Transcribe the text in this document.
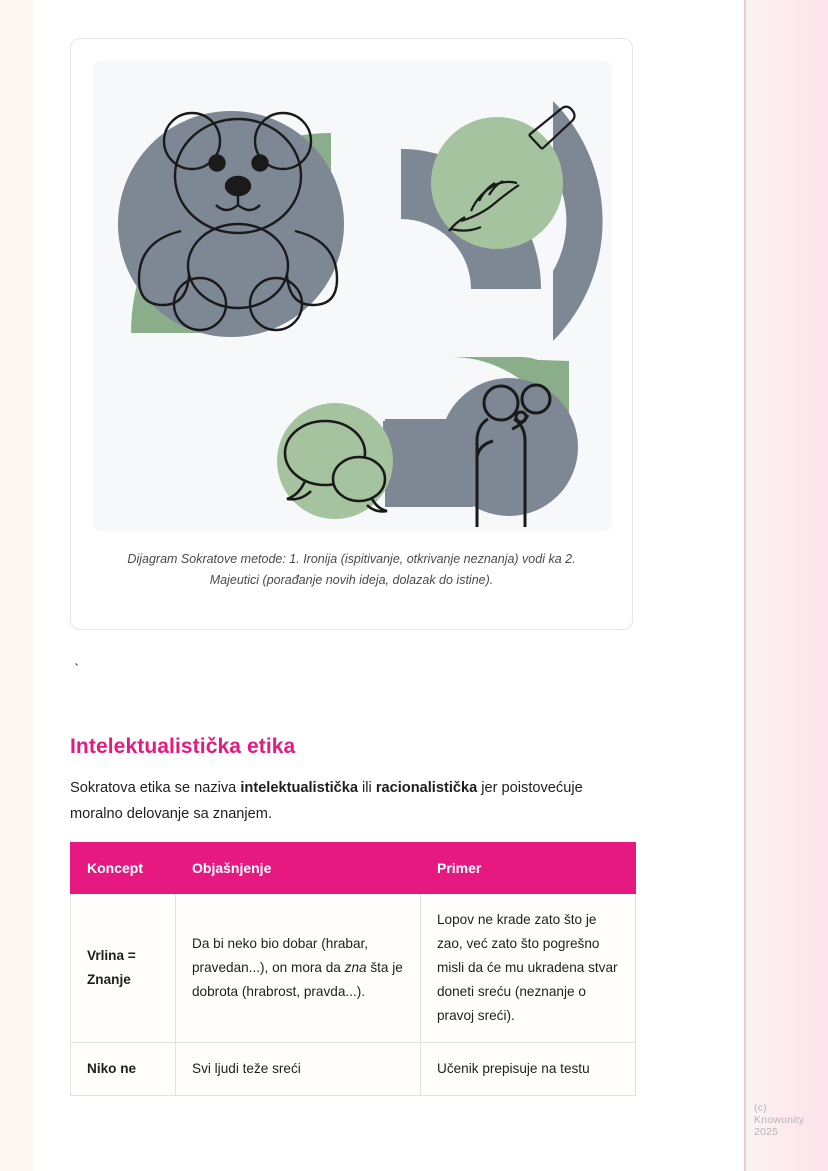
Dijagram Sokratove metode: 1. Ironija (ispitivanje, otkrivanje neznanja) vodi ka 2. Majeutici (porađanje novih ideja, dolazak do istine).
`
Intelektualistička etika

Sokratova etika se naziva intelektualistička ili racionalistička jer poistovećuje moralno delovanje sa znanjem.

Koncept	Objašnjenje	Primer
Vrlina = Znanje	Da bi neko bio dobar (hrabar, pravedan...), on mora da zna šta je dobrota (hrabrost, pravda...).	Lopov ne krade zato što je zao, već zato što pogrešno misli da će mu ukradena stvar doneti sreću (neznanje o pravoj sreći).
Niko ne	Svi ljudi teže sreći	Učenik prepisuje na testu
(c) Knowunity 2025
